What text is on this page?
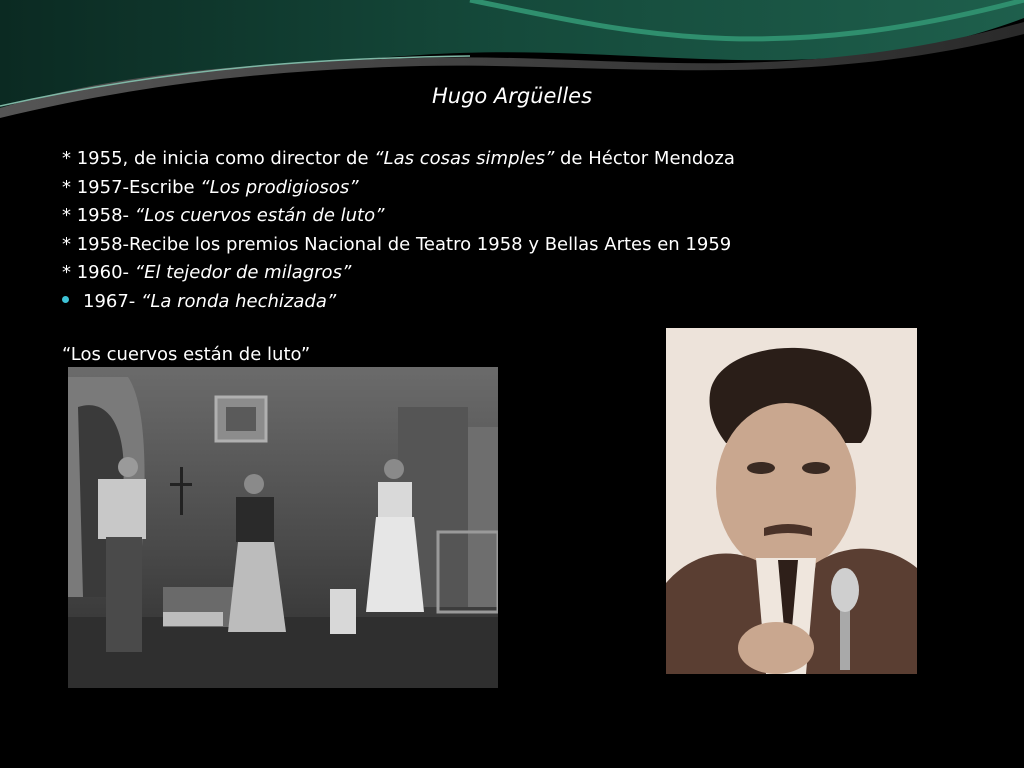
Hugo Argüelles
* 1955, de inicia como director de “Las cosas simples” de Héctor Mendoza
* 1957-Escribe “Los prodigiosos”
* 1958- “Los cuervos están de luto”
* 1958-Recibe los premios Nacional de Teatro 1958 y Bellas Artes en 1959
* 1960- “El tejedor de milagros”
1967- “La ronda hechizada”
“Los cuervos están de luto”
